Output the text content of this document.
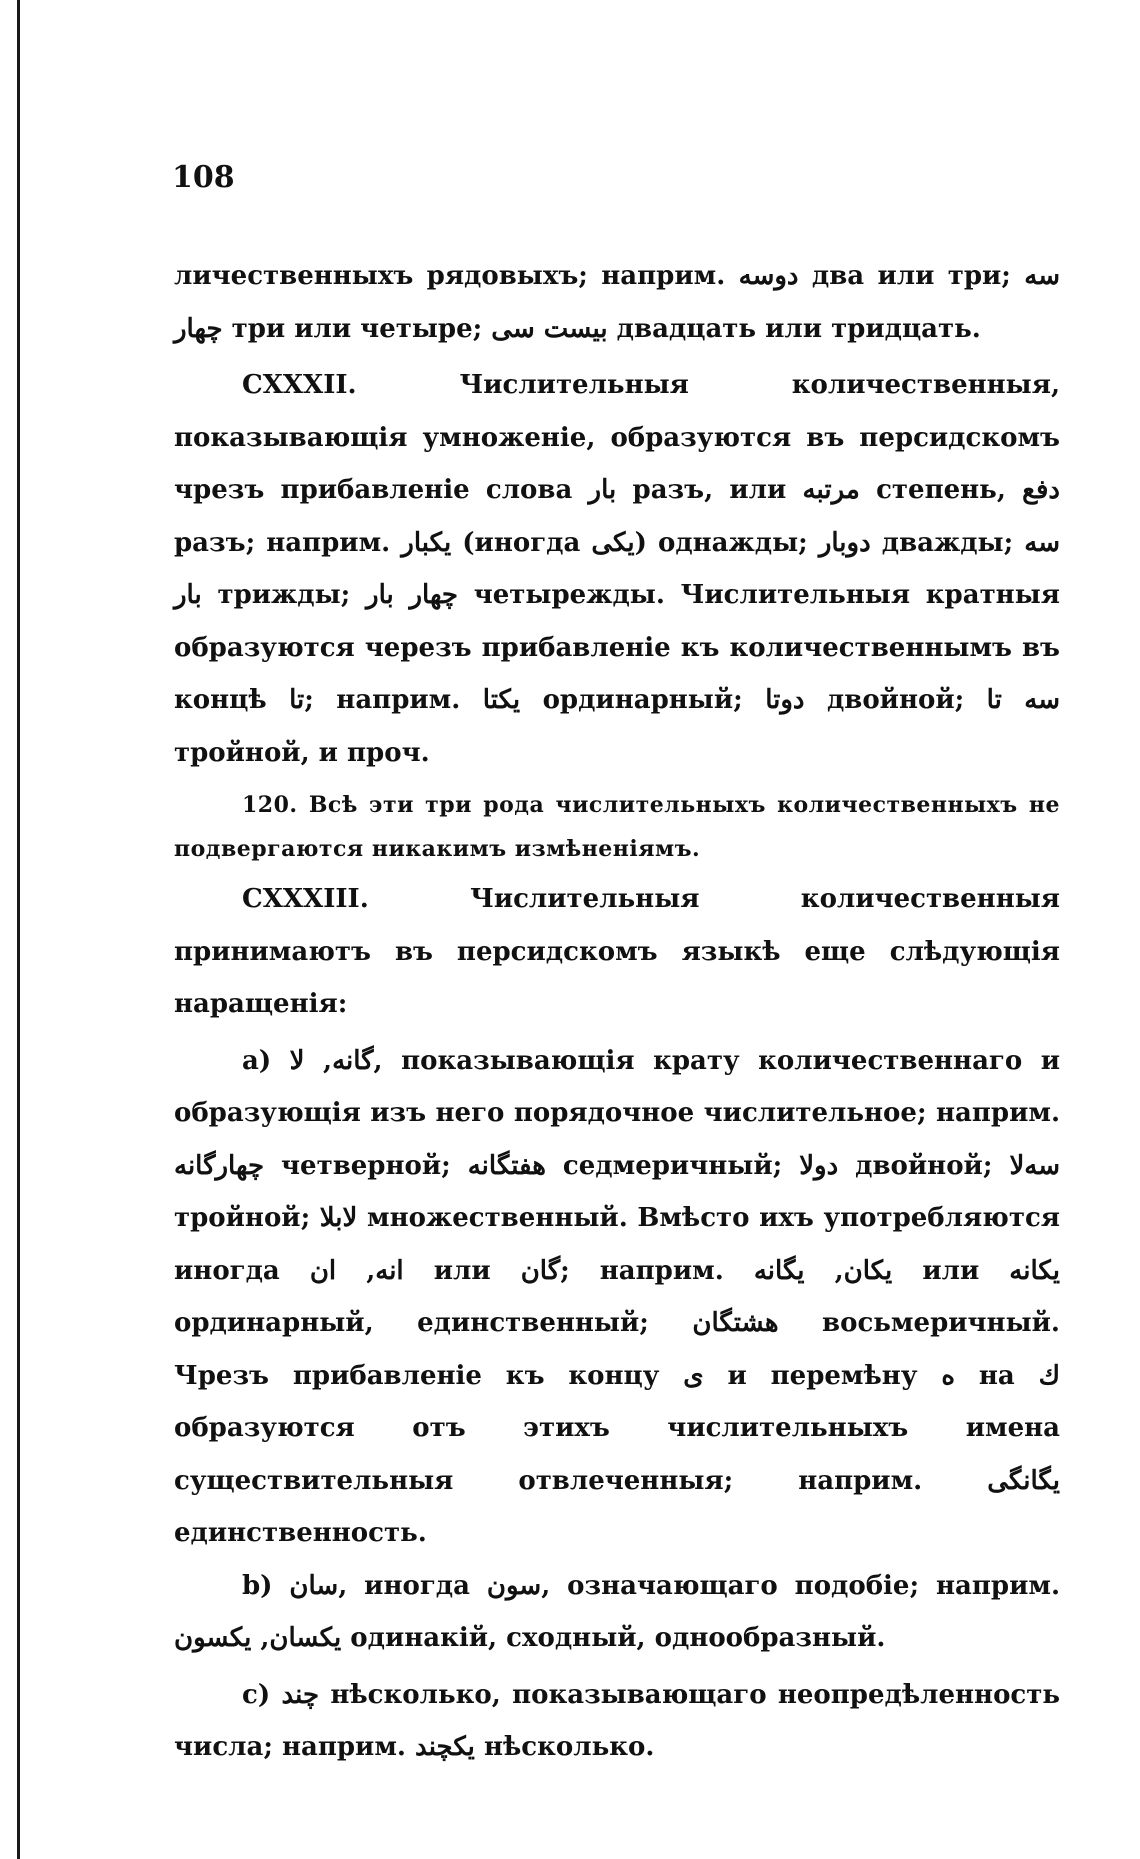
108

личественныхъ рядовыхъ; наприм. دوسه два или три; سه چهار три или четыре; بیست سی двадцать или тридцать.

CXXXII. Числительныя количественныя, показывающія умноженіе, образуются въ персидскомъ чрезъ прибавленіе слова بار разъ, или مرتبه степень, دفع разъ; наприм. یکبار (иногда یکی) однажды; دوبار дважды; سه بار трижды; چهار بار четырежды. Числительныя кратныя образуются черезъ прибавленіе къ количественнымъ въ концѣ تا; наприм. یکتا ординарный; دوتا двойной; سه تا тройной, и проч.

120. Всѣ эти три рода числительныхъ количественныхъ не подвергаются никакимъ измѣненіямъ.

CXXXIII. Числительныя количественныя принимаютъ въ персидскомъ языкѣ еще слѣдующія нарaщенія:

a) گانه, لا, показывающія крату количественнаго и образующія изъ него порядочное числительное; наприм. چهارگانه четверной; هفتگانه седмеричный; دولا двойной; سه‌لا тройной; لابلا множественный. Вмѣсто ихъ употребляются иногда انه, ان или گان; наприм. یکان, یگانه или یکانه ординарный, единственный; هشتگان восьмеричный. Чрезъ прибавленіе къ концу ی и перемѣну ه на ك образуются отъ этихъ числительныхъ имена существительныя отвлеченныя; наприм. یگانگی единственность.

b) سان, иногда سون, означающаго подобіе; наприм. یکسان, یکسون одинакій, сходный, однообразный.

c) چند нѣсколько, показывающаго неопредѣленность числа; наприм. یکچند нѣсколько.
